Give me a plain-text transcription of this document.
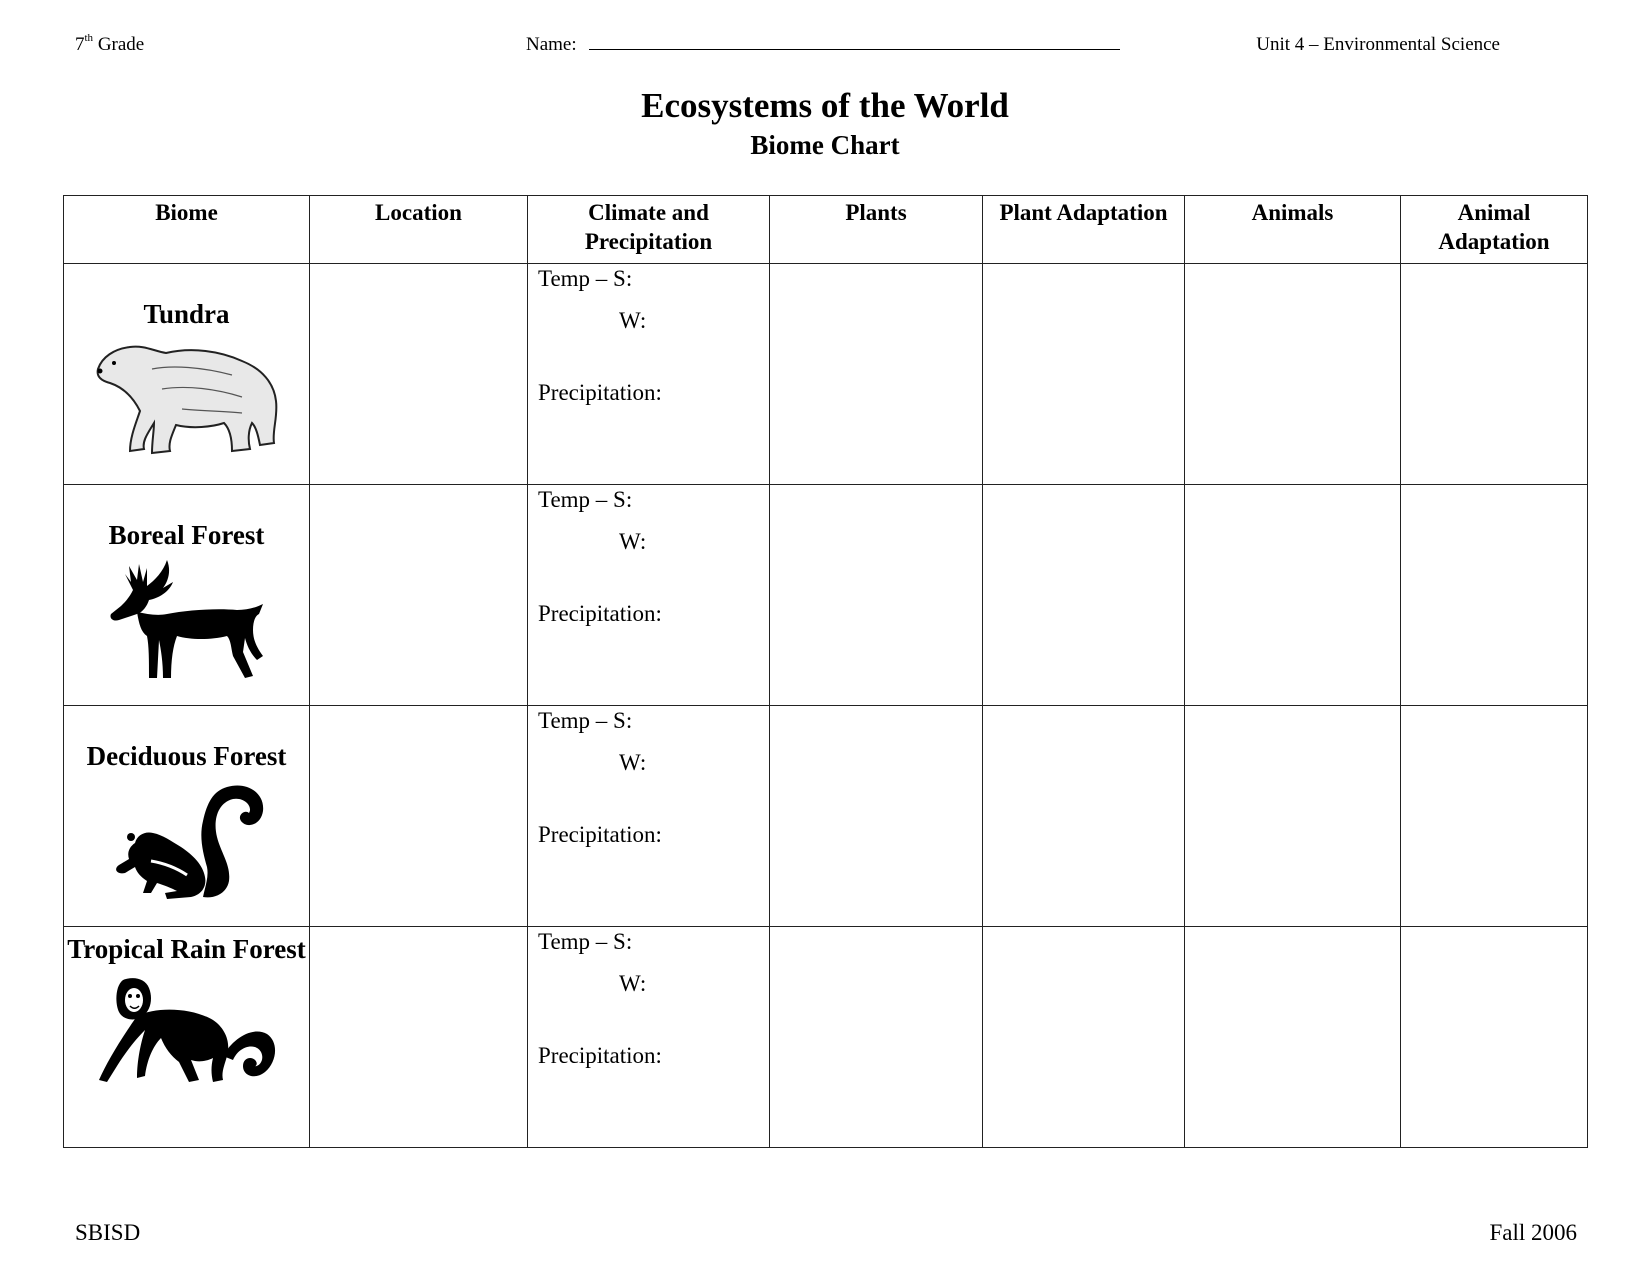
7th Grade	Name:	Unit 4 – Environmental Science
Ecosystems of the World
Biome Chart
Biome	Location	Climate and Precipitation	Plants	Plant Adaptation	Animals	Animal Adaptation

Tundra		Temp – S:
W:
Precipitation:				

Boreal Forest		Temp – S:
W:
Precipitation:				

Deciduous Forest		Temp – S:
W:
Precipitation:				

Tropical Rain Forest		Temp – S:
W:
Precipitation:				

SBISD	Fall 2006
